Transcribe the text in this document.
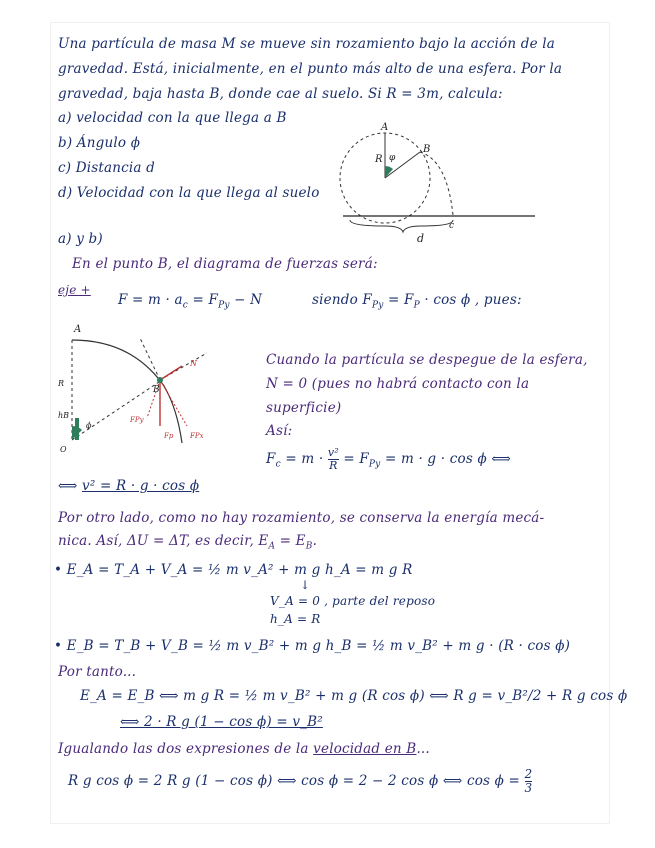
Una partícula de masa M se mueve sin rozamiento bajo la acción de la
gravedad. Está, inicialmente, en el punto más alto de una esfera. Por la
gravedad, baja hasta B, donde cae al suelo. Si R = 3m, calcula:
a) velocidad con la que llega a B
b) Ángulo ϕ
c) Distancia d
d) Velocidad con la que llega al suelo
A
B
c
R φ
d
a) y b)
En el punto B, el diagrama de fuerzas será:
eje +
$F = m \cdot a_c = F_{Py} - N$	siendo $F_{Py} = F_P \cdot \cos \phi$ , pues:
A
B
R
hB
O
ϕ
N
Fp FPx
FPy
Cuando la partícula se despegue de la esfera,
N = 0 (pues no habrá contacto con la
superficie)
Así:
$F_c = m \cdot \frac{\text{v²}}{R} = F_{Py} = m \cdot g \cdot \cos \phi$ ⟺
⟺ v² = R · g · cos ϕ
Por otro lado, como no hay rozamiento, se conserva la energía mecá-
nica. Así, ΔU = ΔT, es decir, $E_A = E_B$.
• E_A = T_A + V_A = ½ m v_A² + m g h_A = m g R
↓
V_A = 0 , parte del reposo
h_A = R
• E_B = T_B + V_B = ½ m v_B² + m g h_B = ½ m v_B² + m g · (R · cos ϕ)
Por tanto...
E_A = E_B ⟺ m g R = ½ m v_B² + m g (R cos ϕ) ⟺ R g = v_B²/2 + R g cos ϕ
⟺ 2 · R g (1 − cos ϕ) = v_B²
Igualando las dos expresiones de la velocidad en B...
R g cos ϕ = 2 R g (1 − cos ϕ) ⟺ cos ϕ = 2 − 2 cos ϕ ⟺ $\cos \phi = \frac{2}{3}$
